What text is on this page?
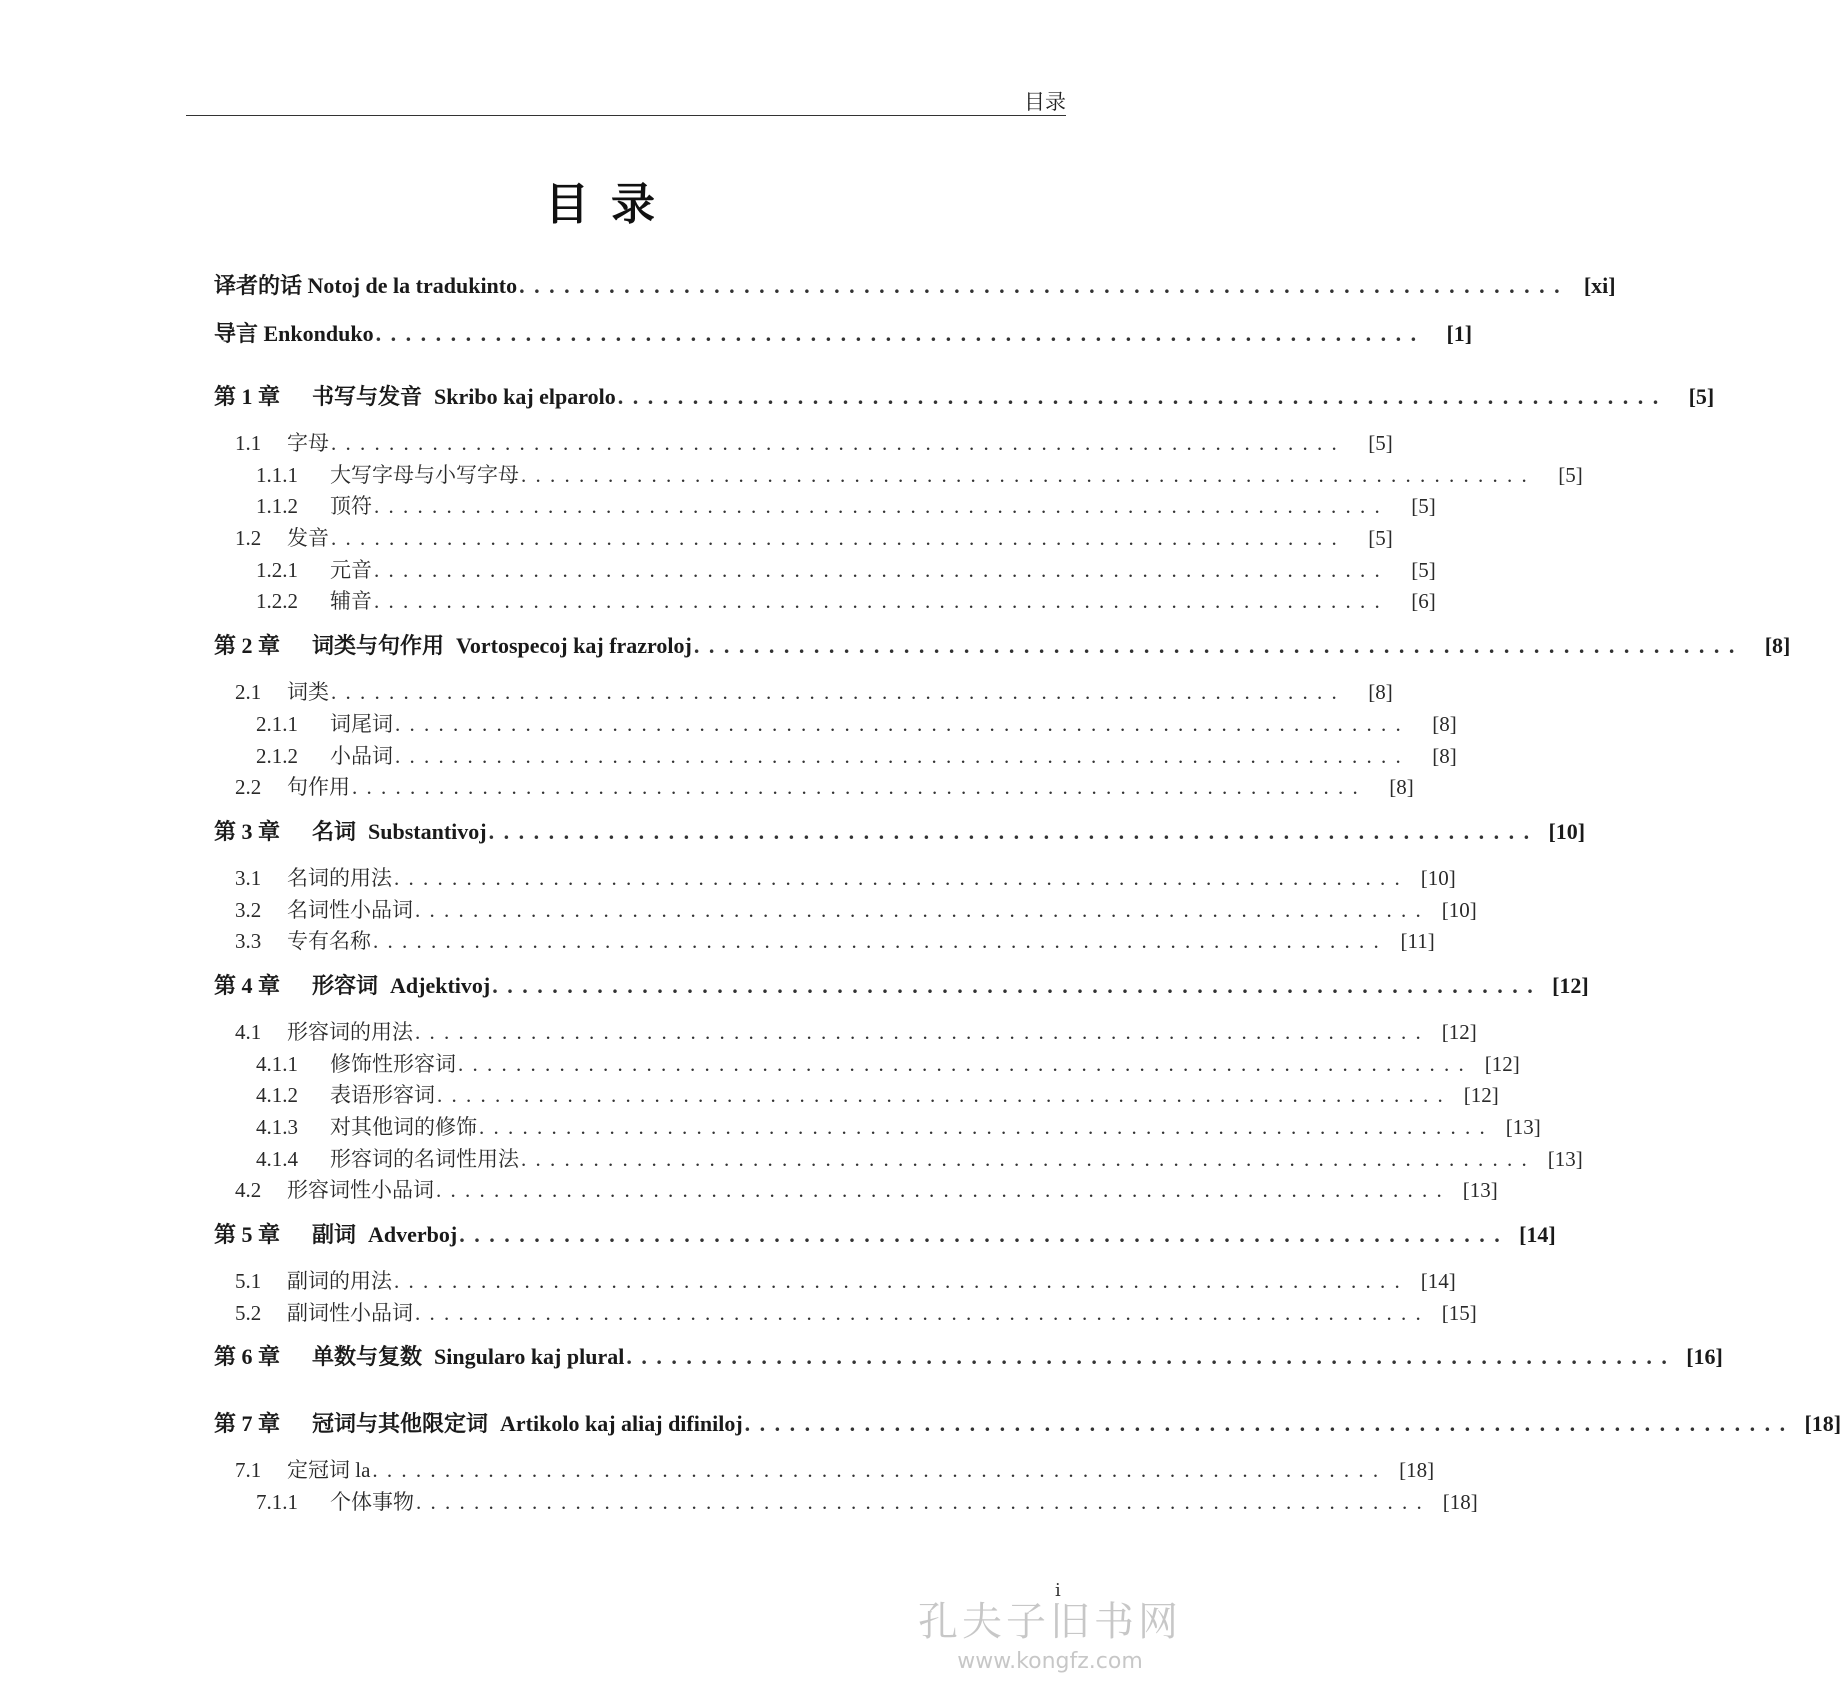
目录
目录
译者的话 Notoj de la tradukinto . . . . . . . . . . . . . . . . . . . . . . . . . . . . . . . . . . . . . . . . . . . . . . . . . . . . . . . . . . . . . . . . . . . . . .	[xi]
导言 Enkonduko . . . . . . . . . . . . . . . . . . . . . . . . . . . . . . . . . . . . . . . . . . . . . . . . . . . . . . . . . . . . . . . . . . . . . .	[1]
第 1 章	书写与发音 Skribo kaj elparolo . . . . . . . . . . . . . . . . . . . . . . . . . . . . . . . . . . . . . . . . . . . . . . . . . . . . . . . . . . . . . . . . . . . . . .	[5]
1.1	字母 . . . . . . . . . . . . . . . . . . . . . . . . . . . . . . . . . . . . . . . . . . . . . . . . . . . . . . . . . . . . . . . . . . . . . .	[5]
1.1.1	大写字母与小写字母 . . . . . . . . . . . . . . . . . . . . . . . . . . . . . . . . . . . . . . . . . . . . . . . . . . . . . . . . . . . . . . . . . . . . . .	[5]
1.1.2	顶符 . . . . . . . . . . . . . . . . . . . . . . . . . . . . . . . . . . . . . . . . . . . . . . . . . . . . . . . . . . . . . . . . . . . . . .	[5]
1.2	发音 . . . . . . . . . . . . . . . . . . . . . . . . . . . . . . . . . . . . . . . . . . . . . . . . . . . . . . . . . . . . . . . . . . . . . .	[5]
1.2.1	元音 . . . . . . . . . . . . . . . . . . . . . . . . . . . . . . . . . . . . . . . . . . . . . . . . . . . . . . . . . . . . . . . . . . . . . .	[5]
1.2.2	辅音 . . . . . . . . . . . . . . . . . . . . . . . . . . . . . . . . . . . . . . . . . . . . . . . . . . . . . . . . . . . . . . . . . . . . . .	[6]
第 2 章	词类与句作用 Vortospecoj kaj frazroloj . . . . . . . . . . . . . . . . . . . . . . . . . . . . . . . . . . . . . . . . . . . . . . . . . . . . . . . . . . . . . . . . . . . . . .	[8]
2.1	词类 . . . . . . . . . . . . . . . . . . . . . . . . . . . . . . . . . . . . . . . . . . . . . . . . . . . . . . . . . . . . . . . . . . . . . .	[8]
2.1.1	词尾词 . . . . . . . . . . . . . . . . . . . . . . . . . . . . . . . . . . . . . . . . . . . . . . . . . . . . . . . . . . . . . . . . . . . . . .	[8]
2.1.2	小品词 . . . . . . . . . . . . . . . . . . . . . . . . . . . . . . . . . . . . . . . . . . . . . . . . . . . . . . . . . . . . . . . . . . . . . .	[8]
2.2	句作用 . . . . . . . . . . . . . . . . . . . . . . . . . . . . . . . . . . . . . . . . . . . . . . . . . . . . . . . . . . . . . . . . . . . . . .	[8]
第 3 章	名词 Substantivoj . . . . . . . . . . . . . . . . . . . . . . . . . . . . . . . . . . . . . . . . . . . . . . . . . . . . . . . . . . . . . . . . . . . . . . [10]
3.1	名词的用法 . . . . . . . . . . . . . . . . . . . . . . . . . . . . . . . . . . . . . . . . . . . . . . . . . . . . . . . . . . . . . . . . . . . . . . [10]
3.2	名词性小品词 . . . . . . . . . . . . . . . . . . . . . . . . . . . . . . . . . . . . . . . . . . . . . . . . . . . . . . . . . . . . . . . . . . . . . . [10]
3.3	专有名称 . . . . . . . . . . . . . . . . . . . . . . . . . . . . . . . . . . . . . . . . . . . . . . . . . . . . . . . . . . . . . . . . . . . . . . [11]
第 4 章	形容词 Adjektivoj . . . . . . . . . . . . . . . . . . . . . . . . . . . . . . . . . . . . . . . . . . . . . . . . . . . . . . . . . . . . . . . . . . . . . . [12]
4.1	形容词的用法 . . . . . . . . . . . . . . . . . . . . . . . . . . . . . . . . . . . . . . . . . . . . . . . . . . . . . . . . . . . . . . . . . . . . . . [12]
4.1.1	修饰性形容词 . . . . . . . . . . . . . . . . . . . . . . . . . . . . . . . . . . . . . . . . . . . . . . . . . . . . . . . . . . . . . . . . . . . . . . [12]
4.1.2	表语形容词 . . . . . . . . . . . . . . . . . . . . . . . . . . . . . . . . . . . . . . . . . . . . . . . . . . . . . . . . . . . . . . . . . . . . . . [12]
4.1.3	对其他词的修饰 . . . . . . . . . . . . . . . . . . . . . . . . . . . . . . . . . . . . . . . . . . . . . . . . . . . . . . . . . . . . . . . . . . . . . . [13]
4.1.4	形容词的名词性用法 . . . . . . . . . . . . . . . . . . . . . . . . . . . . . . . . . . . . . . . . . . . . . . . . . . . . . . . . . . . . . . . . . . . . . . [13]
4.2	形容词性小品词 . . . . . . . . . . . . . . . . . . . . . . . . . . . . . . . . . . . . . . . . . . . . . . . . . . . . . . . . . . . . . . . . . . . . . . [13]
第 5 章	副词 Adverboj . . . . . . . . . . . . . . . . . . . . . . . . . . . . . . . . . . . . . . . . . . . . . . . . . . . . . . . . . . . . . . . . . . . . . . [14]
5.1	副词的用法 . . . . . . . . . . . . . . . . . . . . . . . . . . . . . . . . . . . . . . . . . . . . . . . . . . . . . . . . . . . . . . . . . . . . . . [14]
5.2	副词性小品词 . . . . . . . . . . . . . . . . . . . . . . . . . . . . . . . . . . . . . . . . . . . . . . . . . . . . . . . . . . . . . . . . . . . . . . [15]
第 6 章	单数与复数 Singularo kaj plural . . . . . . . . . . . . . . . . . . . . . . . . . . . . . . . . . . . . . . . . . . . . . . . . . . . . . . . . . . . . . . . . . . . . . . [16]
第 7 章	冠词与其他限定词 Artikolo kaj aliaj difiniloj . . . . . . . . . . . . . . . . . . . . . . . . . . . . . . . . . . . . . . . . . . . . . . . . . . . . . . . . . . . . . . . . . . . . . . [18]
7.1	定冠词 la . . . . . . . . . . . . . . . . . . . . . . . . . . . . . . . . . . . . . . . . . . . . . . . . . . . . . . . . . . . . . . . . . . . . . . [18]
7.1.1	个体事物 . . . . . . . . . . . . . . . . . . . . . . . . . . . . . . . . . . . . . . . . . . . . . . . . . . . . . . . . . . . . . . . . . . . . . . [18]
i
孔夫子旧书网
www.kongfz.com
